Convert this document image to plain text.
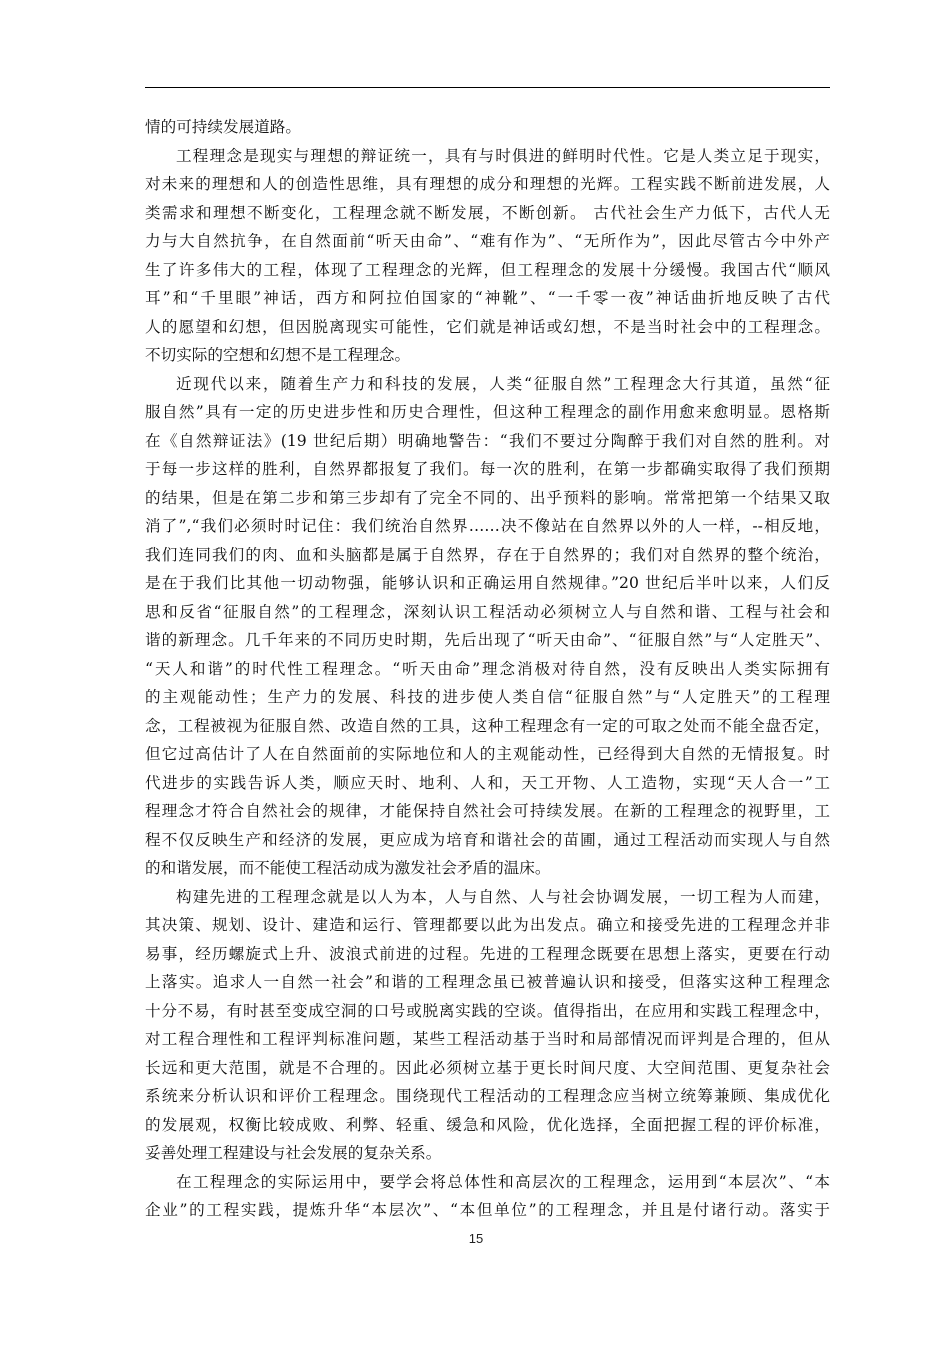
情的可持续发展道路。
工程理念是现实与理想的辩证统一，具有与时俱进的鲜明时代性。它是人类立足于现实，
对未来的理想和人的创造性思维，具有理想的成分和理想的光辉。工程实践不断前进发展，人
类需求和理想不断变化，工程理念就不断发展，不断创新。 古代社会生产力低下，古代人无
力与大自然抗争，在自然面前“听天由命”、“难有作为”、“无所作为”，因此尽管古今中外产
生了许多伟大的工程，体现了工程理念的光辉，但工程理念的发展十分缓慢。我国古代“顺风
耳”和“千里眼”神话，西方和阿拉伯国家的“神靴”、“一千零一夜”神话曲折地反映了古代
人的愿望和幻想，但因脱离现实可能性，它们就是神话或幻想，不是当时社会中的工程理念。
不切实际的空想和幻想不是工程理念。
近现代以来，随着生产力和科技的发展，人类“征服自然”工程理念大行其道，虽然“征
服自然”具有一定的历史进步性和历史合理性，但这种工程理念的副作用愈来愈明显。恩格斯
在《自然辩证法》(19 世纪后期）明确地警告：“我们不要过分陶醉于我们对自然的胜利。对
于每一步这样的胜利，自然界都报复了我们。每一次的胜利，在第一步都确实取得了我们预期
的结果，但是在第二步和第三步却有了完全不同的、出乎预料的影响。常常把第一个结果又取
消了”,“我们必须时时记住：我们统治自然界……决不像站在自然界以外的人一样，--相反地，
我们连同我们的肉、血和头脑都是属于自然界，存在于自然界的；我们对自然界的整个统治，
是在于我们比其他一切动物强，能够认识和正确运用自然规律。”20 世纪后半叶以来，人们反
思和反省“征服自然”的工程理念，深刻认识工程活动必须树立人与自然和谐、工程与社会和
谐的新理念。几千年来的不同历史时期，先后出现了“听天由命”、“征服自然”与“人定胜天”、
“天人和谐”的时代性工程理念。“听天由命”理念消极对待自然，没有反映出人类实际拥有
的主观能动性；生产力的发展、科技的进步使人类自信“征服自然”与“人定胜天”的工程理
念，工程被视为征服自然、改造自然的工具，这种工程理念有一定的可取之处而不能全盘否定，
但它过高估计了人在自然面前的实际地位和人的主观能动性，已经得到大自然的无情报复。时
代进步的实践告诉人类，顺应天时、地利、人和，天工开物、人工造物，实现“天人合一”工
程理念才符合自然社会的规律，才能保持自然社会可持续发展。在新的工程理念的视野里，工
程不仅反映生产和经济的发展，更应成为培育和谐社会的苗圃，通过工程活动而实现人与自然
的和谐发展，而不能使工程活动成为激发社会矛盾的温床。
构建先进的工程理念就是以人为本，人与自然、人与社会协调发展，一切工程为人而建，
其决策、规划、设计、建造和运行、管理都要以此为出发点。确立和接受先进的工程理念并非
易事，经历螺旋式上升、波浪式前进的过程。先进的工程理念既要在思想上落实，更要在行动
上落实。追求人一自然一社会”和谐的工程理念虽已被普遍认识和接受，但落实这种工程理念
十分不易，有时甚至变成空洞的口号或脱离实践的空谈。值得指出，在应用和实践工程理念中，
对工程合理性和工程评判标准问题，某些工程活动基于当时和局部情况而评判是合理的，但从
长远和更大范围，就是不合理的。因此必须树立基于更长时间尺度、大空间范围、更复杂社会
系统来分析认识和评价工程理念。围绕现代工程活动的工程理念应当树立统筹兼顾、集成优化
的发展观，权衡比较成败、利弊、轻重、缓急和风险，优化选择，全面把握工程的评价标准，
妥善处理工程建设与社会发展的复杂关系。
在工程理念的实际运用中，要学会将总体性和高层次的工程理念，运用到“本层次”、“本
企业”的工程实践，提炼升华“本层次”、“本但单位”的工程理念，并且是付诸行动。落实于
15
